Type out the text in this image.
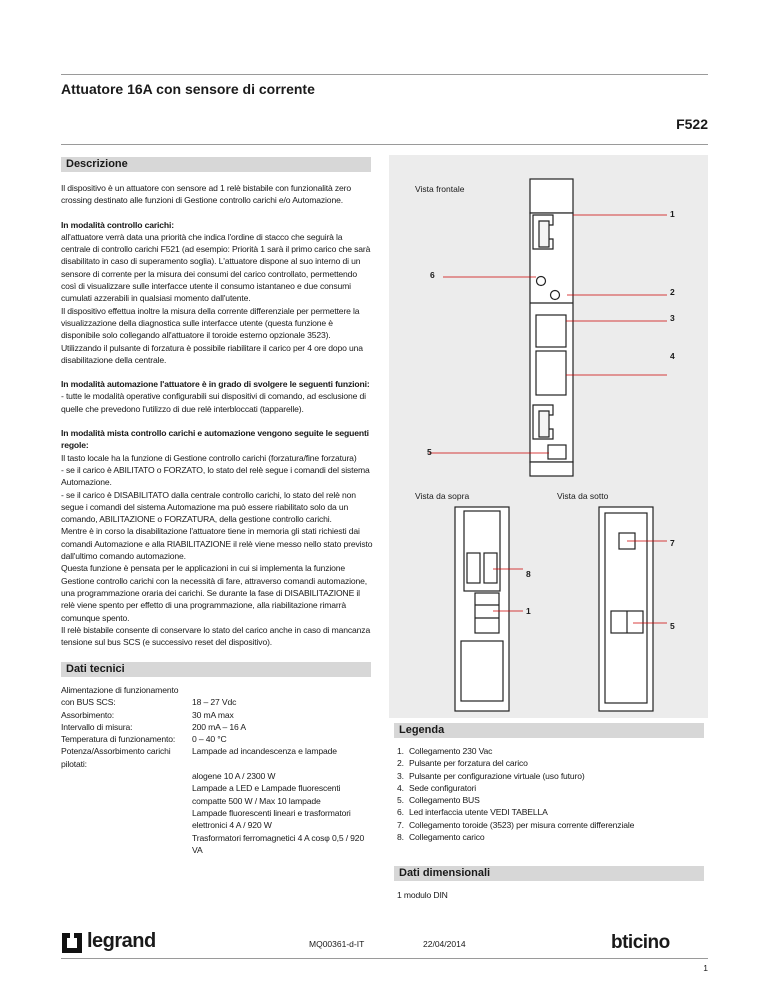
Attuatore 16A con sensore di corrente
F522
Descrizione

Il dispositivo è un attuatore con sensore ad 1 relè bistabile con funzionalità zero crossing destinato alle funzioni di Gestione controllo carichi e/o Automazione.

In modalità controllo carichi:

all'attuatore verrà data una priorità che indica l'ordine di stacco che seguirà la centrale di controllo carichi F521 (ad esempio: Priorità 1 sarà il primo carico che sarà disabilitato in caso di superamento soglia). L'attuatore dispone al suo interno di un sensore di corrente per la misura dei consumi del carico controllato, permettendo così di visualizzare sulle interfacce utente il consumo istantaneo e due consumi cumulati azzerabili in qualsiasi momento dall'utente.

Il dispositivo effettua inoltre la misura della corrente differenziale per permettere la visualizzazione della diagnostica sulle interfacce utente (questa funzione è disponibile solo collegando all'attuatore il toroide esterno opzionale 3523).

Utilizzando il pulsante di forzatura è possibile riabilitare il carico per 4 ore dopo una disabilitazione della centrale.

In modalità automazione l'attuatore è in grado di svolgere le seguenti funzioni:

- tutte le modalità operative configurabili sui dispositivi di comando, ad esclusione di quelle che prevedono l'utilizzo di due relè interbloccati (tapparelle).

In modalità mista controllo carichi e automazione vengono seguite le seguenti regole:

Il tasto locale ha la funzione di Gestione controllo carichi (forzatura/fine forzatura)

- se il carico è ABILITATO o FORZATO, lo stato del relè segue i comandi del sistema Automazione.

- se il carico è DISABILITATO dalla centrale controllo carichi, lo stato del relè non segue i comandi del sistema Automazione ma può essere riabilitato solo da un comando, ABILITAZIONE o FORZATURA, della gestione controllo carichi.

Mentre è in corso la disabilitazione l'attuatore tiene in memoria gli stati richiesti dai comandi Automazione e alla RIABILITAZIONE il relè viene messo nello stato previsto dall'ultimo comando automazione.

Questa funzione è pensata per le applicazioni in cui si implementa la funzione Gestione controllo carichi con la necessità di fare, attraverso comandi automazione, una programmazione oraria dei carichi. Se durante la fase di DISABILITAZIONE il relè viene spento per effetto di una programmazione, alla riabilitazione rimarrà comunque spento.

Il relè bistabile consente di conservare lo stato del carico anche in caso di mancanza tensione sul bus SCS (e successivo reset del dispositivo).

Dati tecnici

Alimentazione di funzionamento

con BUS SCS:	18 – 27 Vdc
Assorbimento:	30 mA max
Intervallo di misura:	200 mA – 16 A
Temperatura di funzionamento:	0 – 40 °C
Potenza/Assorbimento carichi pilotati:
Lampade ad incandescenza e lampade
alogene 10 A / 2300 W
Lampade a LED e Lampade fluorescenti
compatte 500 W / Max 10 lampade
Lampade fluorescenti lineari e trasformatori
elettronici 4 A / 920 W
Trasformatori ferromagnetici 4 A cosφ 0,5 / 920 VA
Vista frontale
Vista da sopra	Vista da sotto
1
2
3
4
5
6
7
8
1
5
Legenda
1. Collegamento 230 Vac
2. Pulsante per forzatura del carico
3. Pulsante per configurazione virtuale (uso futuro)
4. Sede configuratori
5. Collegamento BUS
6. Led interfaccia utente VEDI TABELLA
7. Collegamento toroide (3523) per misura corrente differenziale
8. Collegamento carico
Dati dimensionali
1 modulo DIN
legrand	MQ00361-d-IT	22/04/2014	bticino
1
